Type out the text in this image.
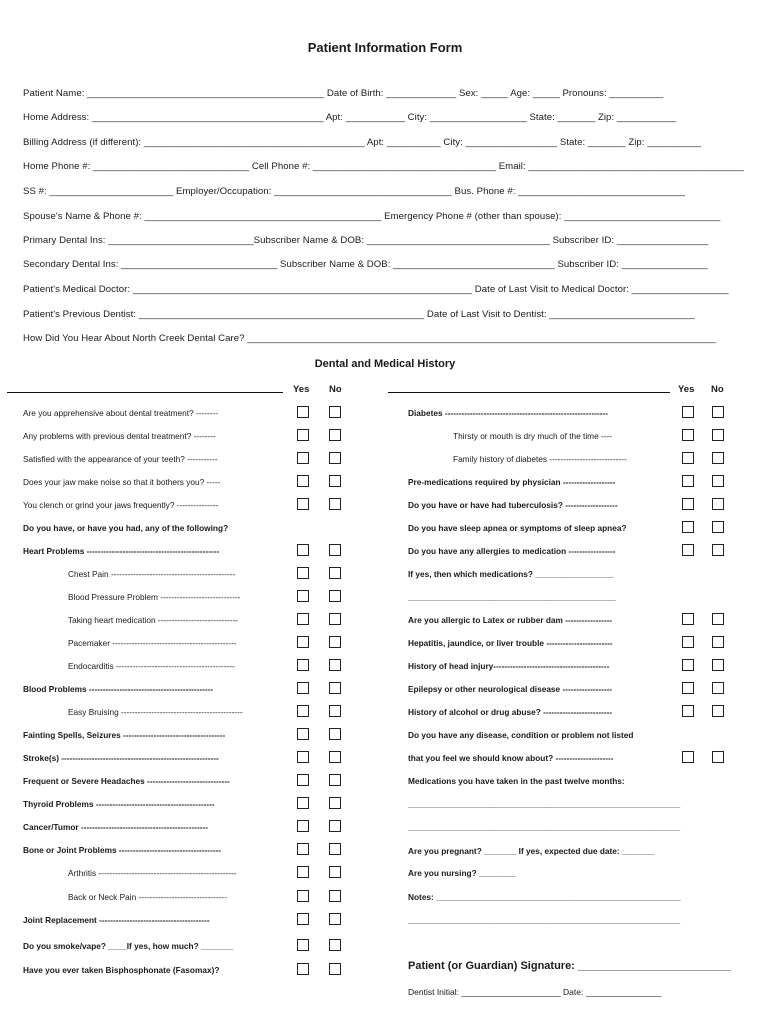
Patient Information Form
Patient Name: ____________________________________________ Date of Birth: _____________ Sex: _____ Age: _____ Pronouns: __________
Home Address: ___________________________________________ Apt: ___________ City: __________________ State: _______ Zip: ___________
Billing Address (if different): _________________________________________ Apt: __________ City: _________________ State: _______ Zip: __________
Home Phone #: _____________________________ Cell Phone #: __________________________________ Email: ________________________________________
SS #: _______________________ Employer/Occupation: _________________________________ Bus. Phone #: _______________________________
Spouse's Name & Phone #: ____________________________________________ Emergency Phone # (other than spouse): _____________________________
Primary Dental Ins: ___________________________Subscriber Name & DOB: __________________________________ Subscriber ID: _________________
Secondary Dental Ins: _____________________________ Subscriber Name & DOB: ______________________________ Subscriber ID: ________________
Patient's Medical Doctor: _______________________________________________________________ Date of Last Visit to Medical Doctor: __________________
Patient's Previous Dentist: _____________________________________________________ Date of Last Visit to Dentist: ___________________________
How Did You Hear About North Creek Dental Care? _______________________________________________________________________________________
Dental and Medical History
Yes No	Yes No
Are you apprehensive about dental treatment? --------
Any problems with previous dental treatment? --------
Satisfied with the appearance of your teeth? -----------
Does your jaw make noise so that it bothers you? -----
You clench or grind your jaws frequently? ---------------
Do you have, or have you had, any of the following?
Heart Problems ------------------------------------------------
Chest Pain ---------------------------------------------
Blood Pressure Problem -----------------------------
Taking heart medication -----------------------------
Pacemaker ---------------------------------------------
Endocarditis -------------------------------------------
Blood Problems ---------------------------------------------
Easy Bruising --------------------------------------------
Fainting Spells, Seizures -------------------------------------
Stroke(s) ---------------------------------------------------------
Frequent or Severe Headaches ------------------------------
Thyroid Problems -------------------------------------------
Cancer/Tumor ----------------------------------------------
Bone or Joint Problems -------------------------------------
Arthritis --------------------------------------------------
Back or Neck Pain --------------------------------
Joint Replacement ----------------------------------------
Do you smoke/vape? ____If yes, how much? _______
Have you ever taken Bisphosphonate (Fasomax)?
Diabetes -----------------------------------------------------------
Thirsty or mouth is dry much of the time ----
Family history of diabetes ----------------------------
Pre-medications required by physician -------------------
Do you have or have had tuberculosis? -------------------
Do you have sleep apnea or symptoms of sleep apnea?
Do you have any allergies to medication -----------------
If yes, then which medications? _________________
_____________________________________________
Are you allergic to Latex or rubber dam -----------------
Hepatitis, jaundice, or liver trouble ------------------------
History of head injury------------------------------------------
Epilepsy or other neurological disease ------------------
History of alcohol or drug abuse? -------------------------
Do you have any disease, condition or problem not listed
that you feel we should know about? ---------------------
Medications you have taken in the past twelve months:
___________________________________________________________
___________________________________________________________
Are you pregnant? _______ If yes, expected due date: _______
Are you nursing? ________
Notes: _____________________________________________________
___________________________________________________________
Patient (or Guardian) Signature: _________________________
Dentist Initial: _____________________ Date: ________________
